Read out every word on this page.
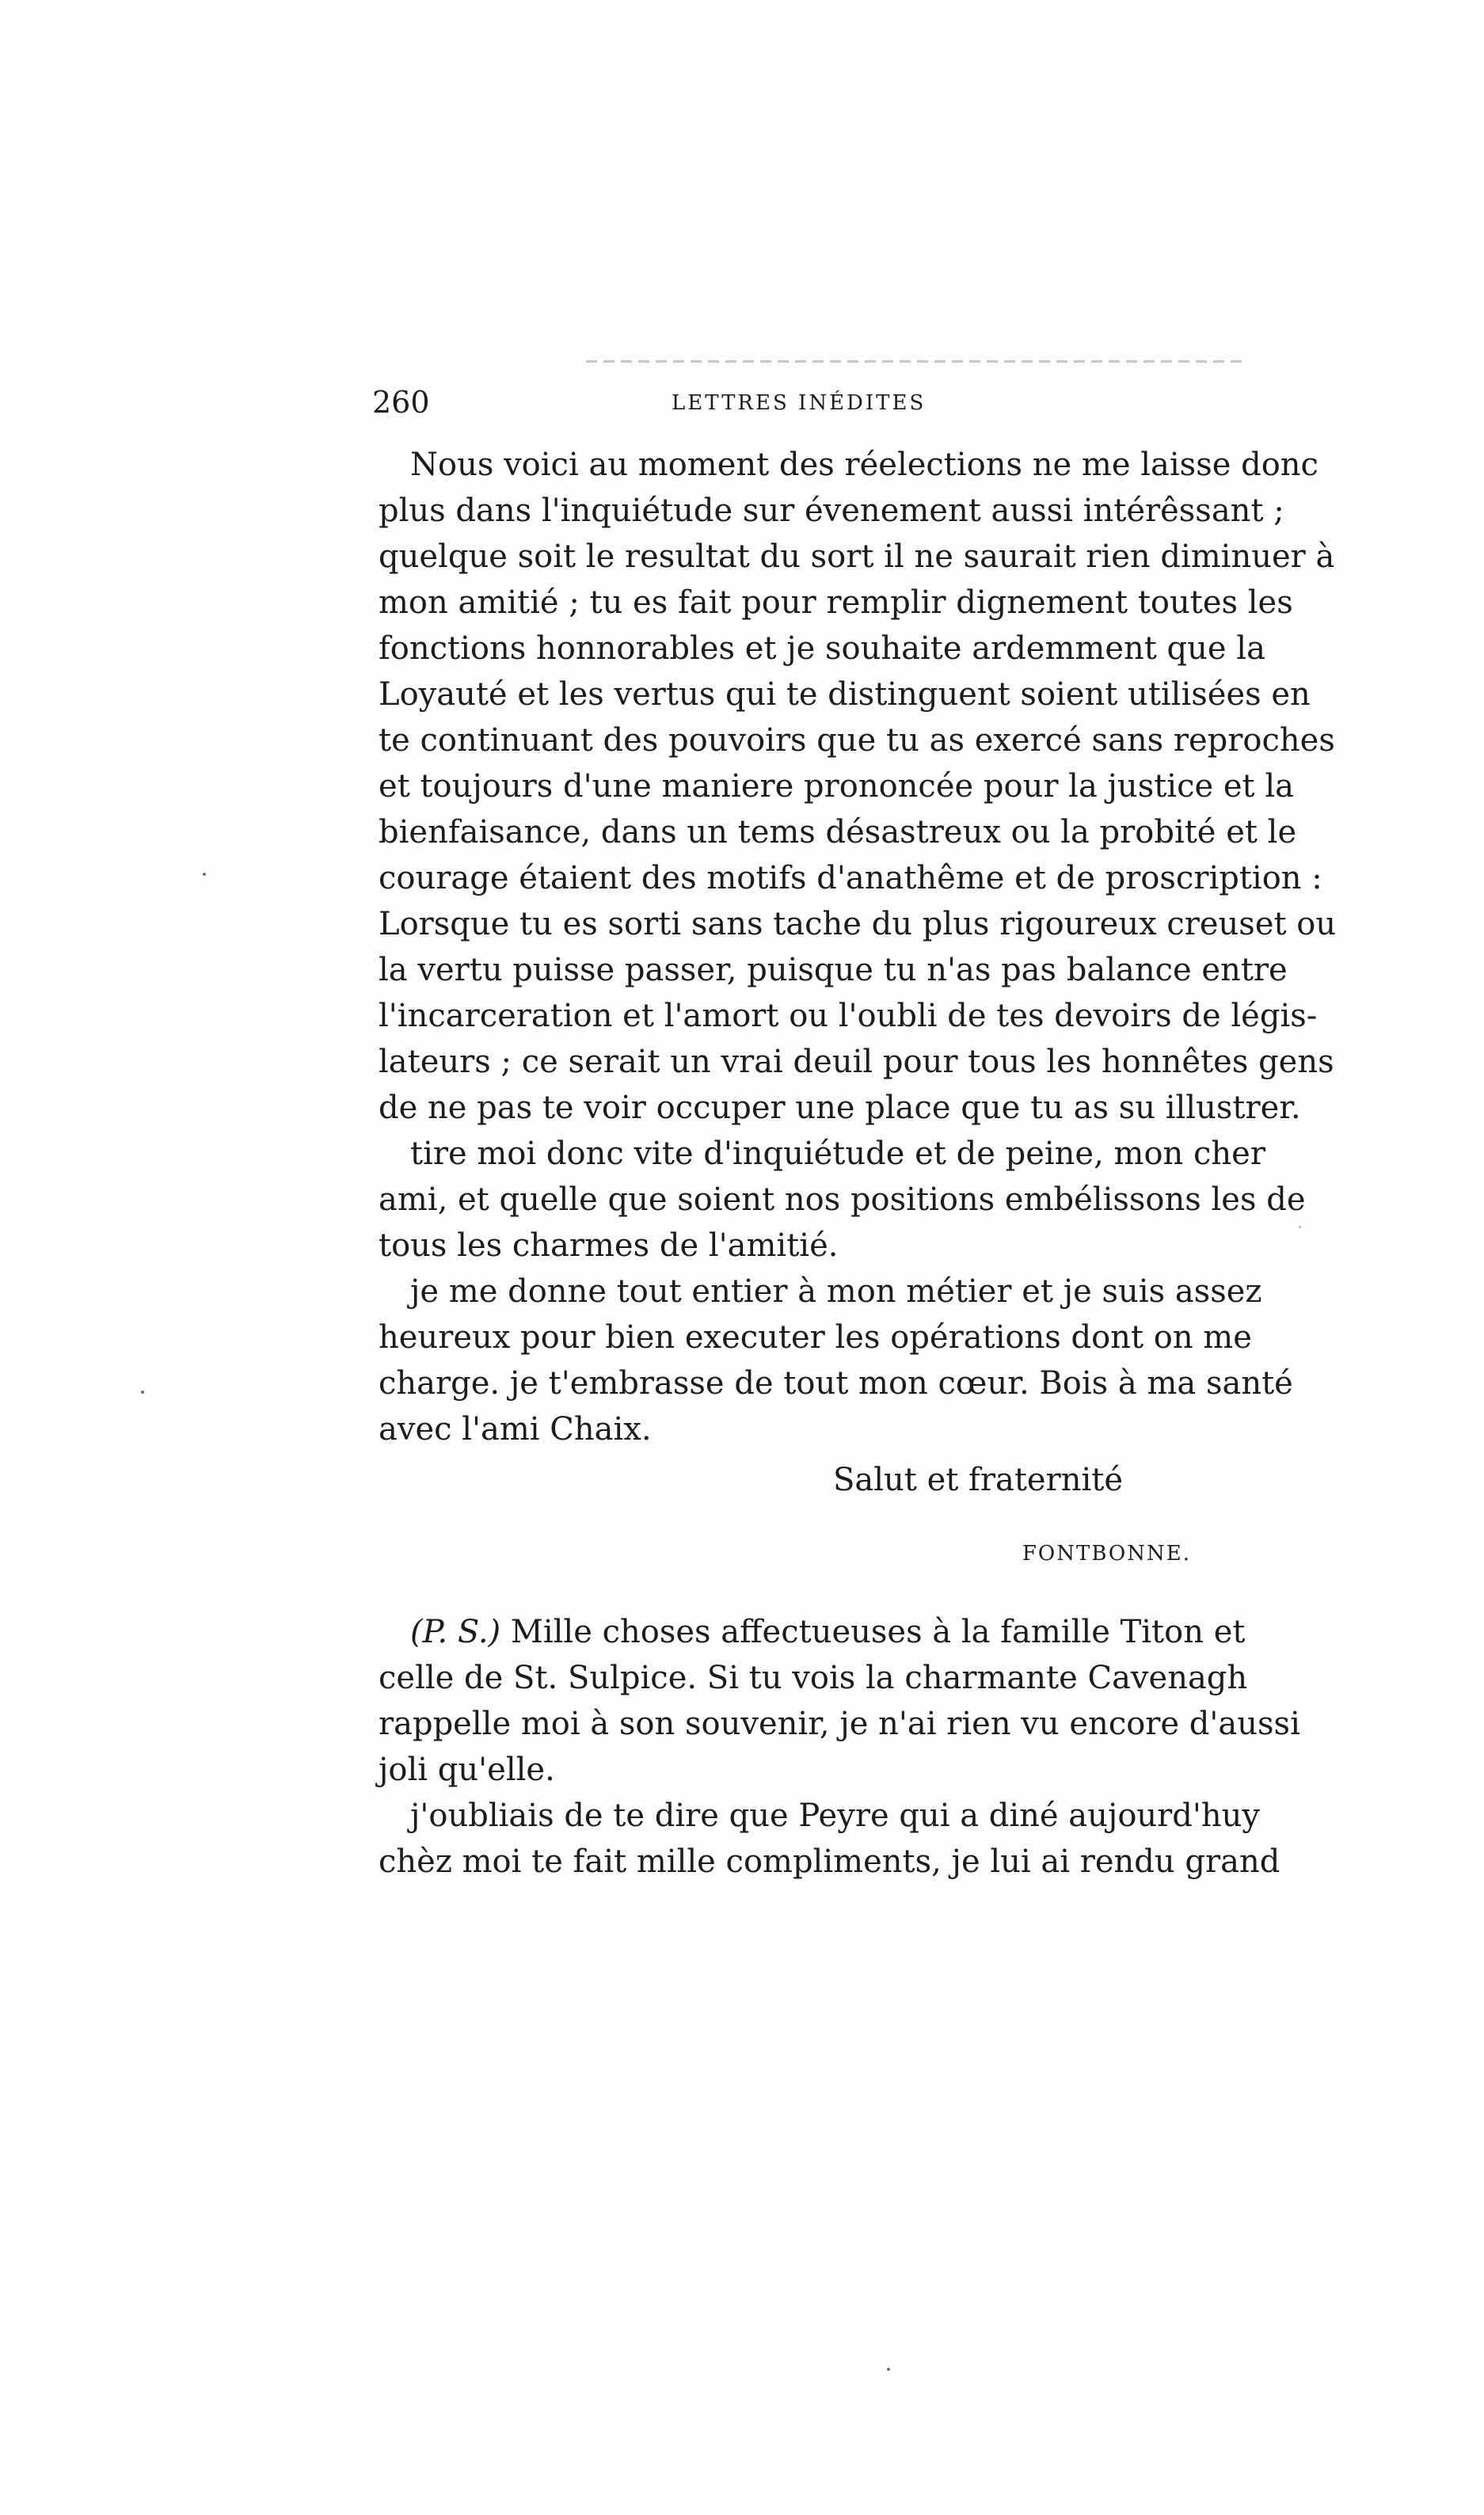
260	LETTRES INÉDITES
Nous voici au moment des réelections ne me laisse donc
plus dans l'inquiétude sur évenement aussi intérêssant ;
quelque soit le resultat du sort il ne saurait rien diminuer à
mon amitié ; tu es fait pour remplir dignement toutes les
fonctions honnorables et je souhaite ardemment que la
Loyauté et les vertus qui te distinguent soient utilisées en
te continuant des pouvoirs que tu as exercé sans reproches
et toujours d'une maniere prononcée pour la justice et la
bienfaisance, dans un tems désastreux ou la probité et le
courage étaient des motifs d'anathême et de proscription :
Lorsque tu es sorti sans tache du plus rigoureux creuset ou
la vertu puisse passer, puisque tu n'as pas balance entre
l'incarceration et l'amort ou l'oubli de tes devoirs de légis-
lateurs ; ce serait un vrai deuil pour tous les honnêtes gens
de ne pas te voir occuper une place que tu as su illustrer.
tire moi donc vite d'inquiétude et de peine, mon cher
ami, et quelle que soient nos positions embélissons les de
tous les charmes de l'amitié.
je me donne tout entier à mon métier et je suis assez
heureux pour bien executer les opérations dont on me
charge. je t'embrasse de tout mon cœur. Bois à ma santé
avec l'ami Chaix.
Salut et fraternité
FONTBONNE.
(P. S.) Mille choses affectueuses à la famille Titon et
celle de St. Sulpice. Si tu vois la charmante Cavenagh
rappelle moi à son souvenir, je n'ai rien vu encore d'aussi
joli qu'elle.
j'oubliais de te dire que Peyre qui a diné aujourd'huy
chèz moi te fait mille compliments, je lui ai rendu grand
